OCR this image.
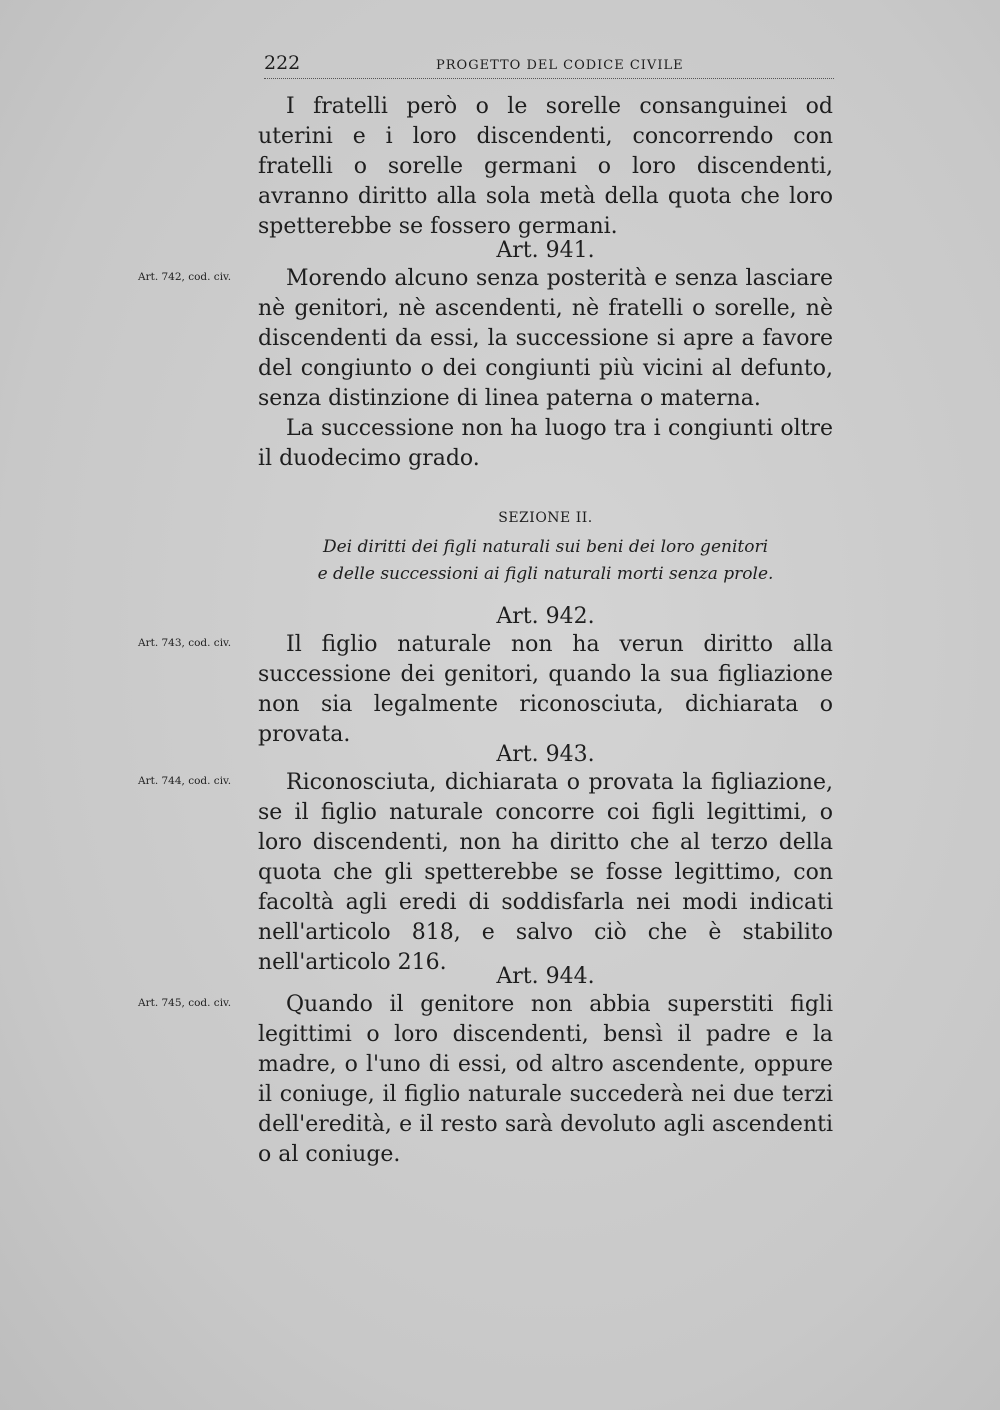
222	PROGETTO DEL CODICE CIVILE

I fratelli però o le sorelle consanguinei od uterini e i loro discendenti, concorrendo con fratelli o sorelle germani o loro discendenti, avranno diritto alla sola metà della quota che loro spetterebbe se fossero germani.

Art. 941.
Art. 742, cod. civ.	Morendo alcuno senza posterità e senza lasciare nè genitori, nè ascendenti, nè fratelli o sorelle, nè discendenti da essi, la successione si apre a favore del congiunto o dei congiunti più vicini al defunto, senza distinzione di linea paterna o materna.

La successione non ha luogo tra i congiunti oltre il duodecimo grado.

SEZIONE II.
Dei diritti dei figli naturali sui beni dei loro genitori
e delle successioni ai figli naturali morti senza prole.
Art. 942.
Art. 743, cod. civ.	Il figlio naturale non ha verun diritto alla successione dei genitori, quando la sua figliazione non sia legalmente riconosciuta, dichiarata o provata.

Art. 943.
Art. 744, cod. civ.	Riconosciuta, dichiarata o provata la figliazione, se il figlio naturale concorre coi figli legittimi, o loro discendenti, non ha diritto che al terzo della quota che gli spetterebbe se fosse legittimo, con facoltà agli eredi di soddisfarla nei modi indicati nell'articolo 818, e salvo ciò che è stabilito nell'articolo 216.

Art. 944.
Art. 745, cod. civ.	Quando il genitore non abbia superstiti figli legittimi o loro discendenti, bensì il padre e la madre, o l'uno di essi, od altro ascendente, oppure il coniuge, il figlio naturale succederà nei due terzi dell'eredità, e il resto sarà devoluto agli ascendenti o al coniuge.
